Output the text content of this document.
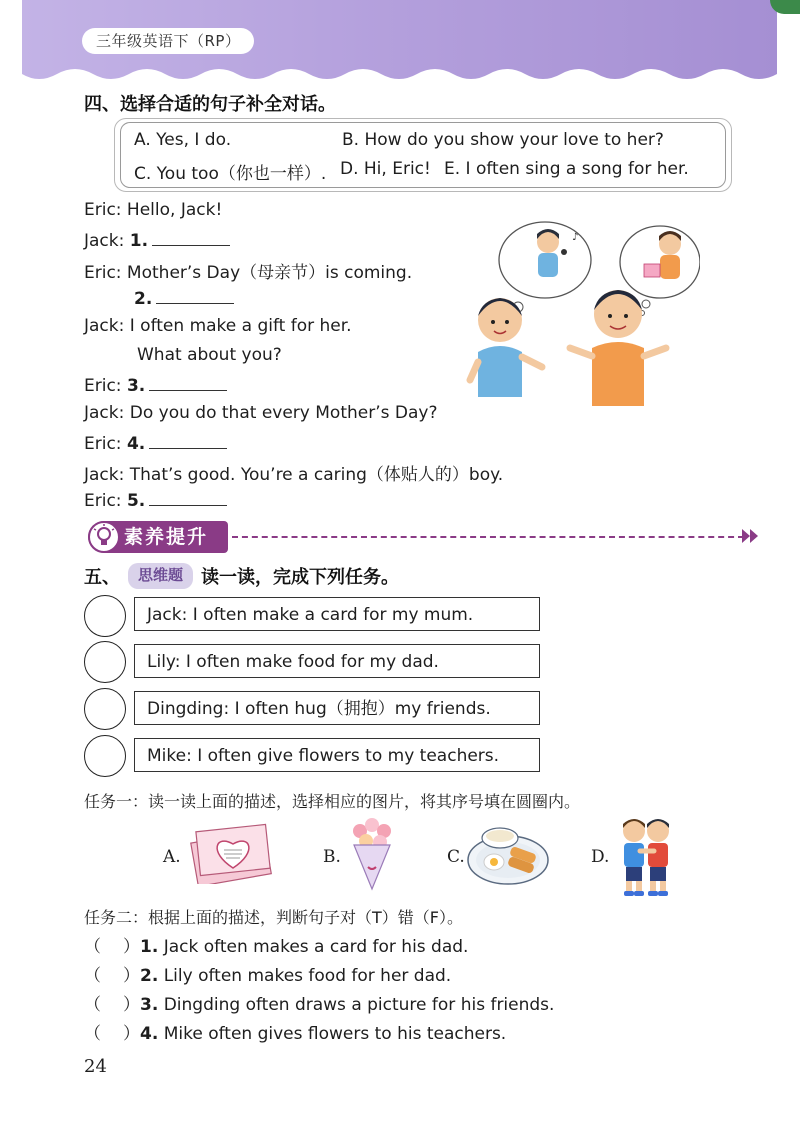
三年级英语下（RP）
四、选择合适的句子补全对话。
A. Yes, I do.	B. How do you show your love to her?
C. You too（你也一样）. D. Hi, Eric! E. I often sing a song for her.
Eric: Hello, Jack!
Jack: 1.
Eric: Mother’s Day（母亲节）is coming.
2.
Jack: I often make a gift for her.
What about you?
Eric: 3.
Jack: Do you do that every Mother’s Day?
Eric: 4.
Jack: That’s good. You’re a caring（体贴人的）boy.
Eric: 5.
♪
素养提升
五、	思维题	读一读，完成下列任务。
Jack: I often make a card for my mum.
Lily: I often make food for my dad.
Dingding: I often hug（拥抱）my friends.
Mike: I often give flowers to my teachers.
任务一：读一读上面的描述，选择相应的图片，将其序号填在圆圈内。
A.	B.	C.	D.
任务二：根据上面的描述，判断句子对（T）错（F）。
（ ）1. Jack often makes a card for his dad.
（ ）2. Lily often makes food for her dad.
（ ）3. Dingding often draws a picture for his friends.
（ ）4. Mike often gives flowers to his teachers.
24
